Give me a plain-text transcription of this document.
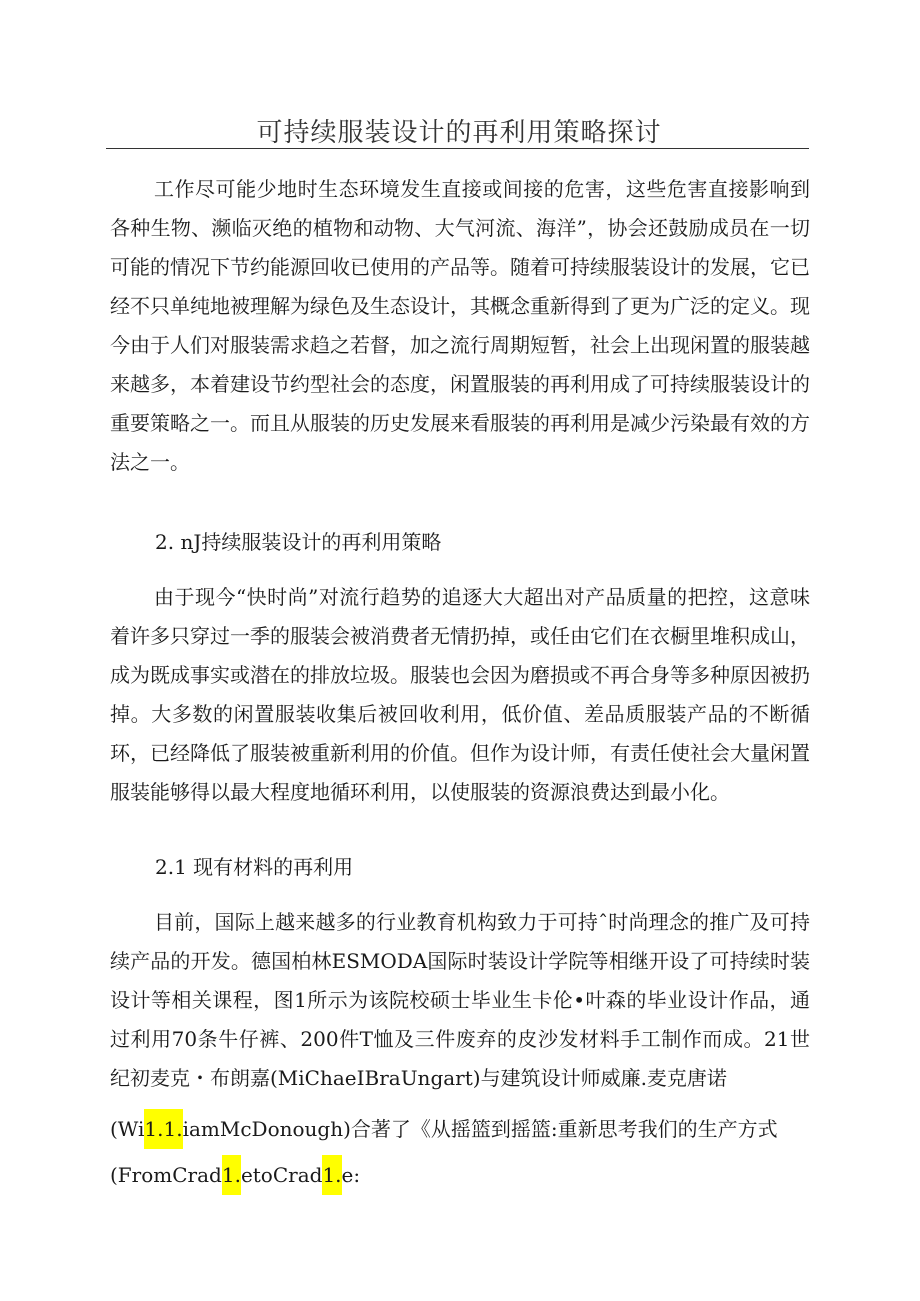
可持续服装设计的再利用策略探讨

工作尽可能少地时生态环境发生直接或间接的危害，这些危害直接影响到各种生物、濒临灭绝的植物和动物、大气河流、海洋”，协会还鼓励成员在一切可能的情况下节约能源回收已使用的产品等。随着可持续服装设计的发展，它已经不只单纯地被理解为绿色及生态设计，其概念重新得到了更为广泛的定义。现今由于人们对服装需求趋之若督，加之流行周期短暂，社会上出现闲置的服装越来越多，本着建设节约型社会的态度，闲置服装的再利用成了可持续服装设计的重要策略之一。而且从服装的历史发展来看服装的再利用是减少污染最有效的方法之一。

2. nJ持续服装设计的再利用策略

由于现今“快时尚”对流行趋势的追逐大大超出对产品质量的把控，这意味着许多只穿过一季的服装会被消费者无情扔掉，或任由它们在衣橱里堆积成山，成为既成事实或潜在的排放垃圾。服装也会因为磨损或不再合身等多种原因被扔掉。大多数的闲置服装收集后被回收利用，低价值、差品质服装产品的不断循环，已经降低了服装被重新利用的价值。但作为设计师，有责任使社会大量闲置服装能够得以最大程度地循环利用，以使服装的资源浪费达到最小化。

2.1 现有材料的再利用

目前，国际上越来越多的行业教育机构致力于可持ˆ时尚理念的推广及可持续产品的开发。德国柏林ESMODA国际时装设计学院等相继开设了可持续时装设计等相关课程，图1所示为该院校硕士毕业生卡伦•叶森的毕业设计作品，通过利用70条牛仔裤、200件T恤及三件废弃的皮沙发材料手工制作而成。21世纪初麦克・布朗嘉(MiChaeIBraUngart)与建筑设计师威廉.麦克唐诺

(Wi1.1.iamMcDonough)合著了《从摇篮到摇篮:重新思考我们的生产方式

(FromCrad1.etoCrad1.e:
